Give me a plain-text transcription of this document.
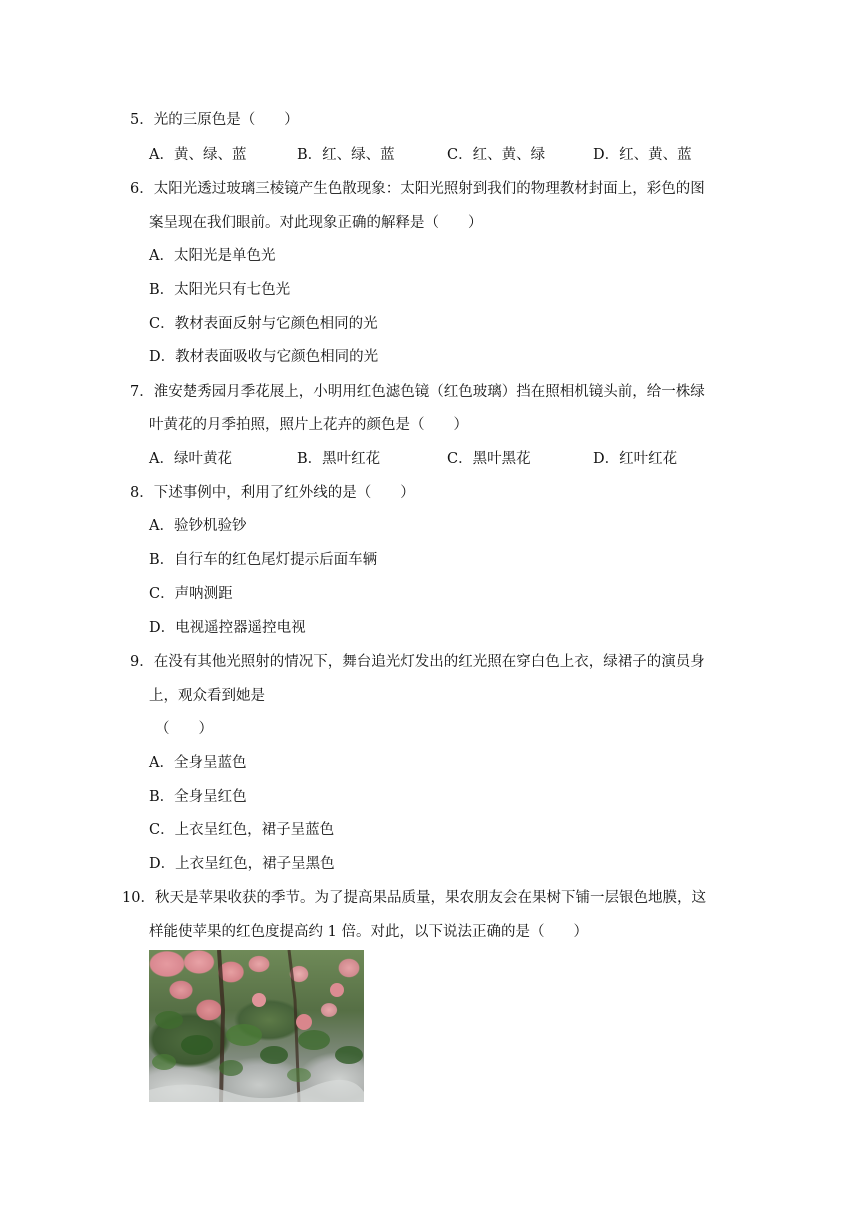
5．光的三原色是（　　）
A．黄、绿、蓝	B．红、绿、蓝	C．红、黄、绿	D．红、黄、蓝
6．太阳光透过玻璃三棱镜产生色散现象：太阳光照射到我们的物理教材封面上，彩色的图
案呈现在我们眼前。对此现象正确的解释是（　　）
A．太阳光是单色光
B．太阳光只有七色光
C．教材表面反射与它颜色相同的光
D．教材表面吸收与它颜色相同的光
7．淮安楚秀园月季花展上，小明用红色滤色镜（红色玻璃）挡在照相机镜头前，给一株绿
叶黄花的月季拍照，照片上花卉的颜色是（　　）
A．绿叶黄花	B．黑叶红花	C．黑叶黑花	D．红叶红花
8．下述事例中，利用了红外线的是（　　）
A．验钞机验钞
B．自行车的红色尾灯提示后面车辆
C．声呐测距
D．电视遥控器遥控电视
9．在没有其他光照射的情况下，舞台追光灯发出的红光照在穿白色上衣，绿裙子的演员身
上，观众看到她是
（　　）
A．全身呈蓝色
B．全身呈红色
C．上衣呈红色，裙子呈蓝色
D．上衣呈红色，裙子呈黑色
10．秋天是苹果收获的季节。为了提高果品质量，果农朋友会在果树下铺一层银色地膜，这
样能使苹果的红色度提高约 1 倍。对此，以下说法正确的是（　　）
